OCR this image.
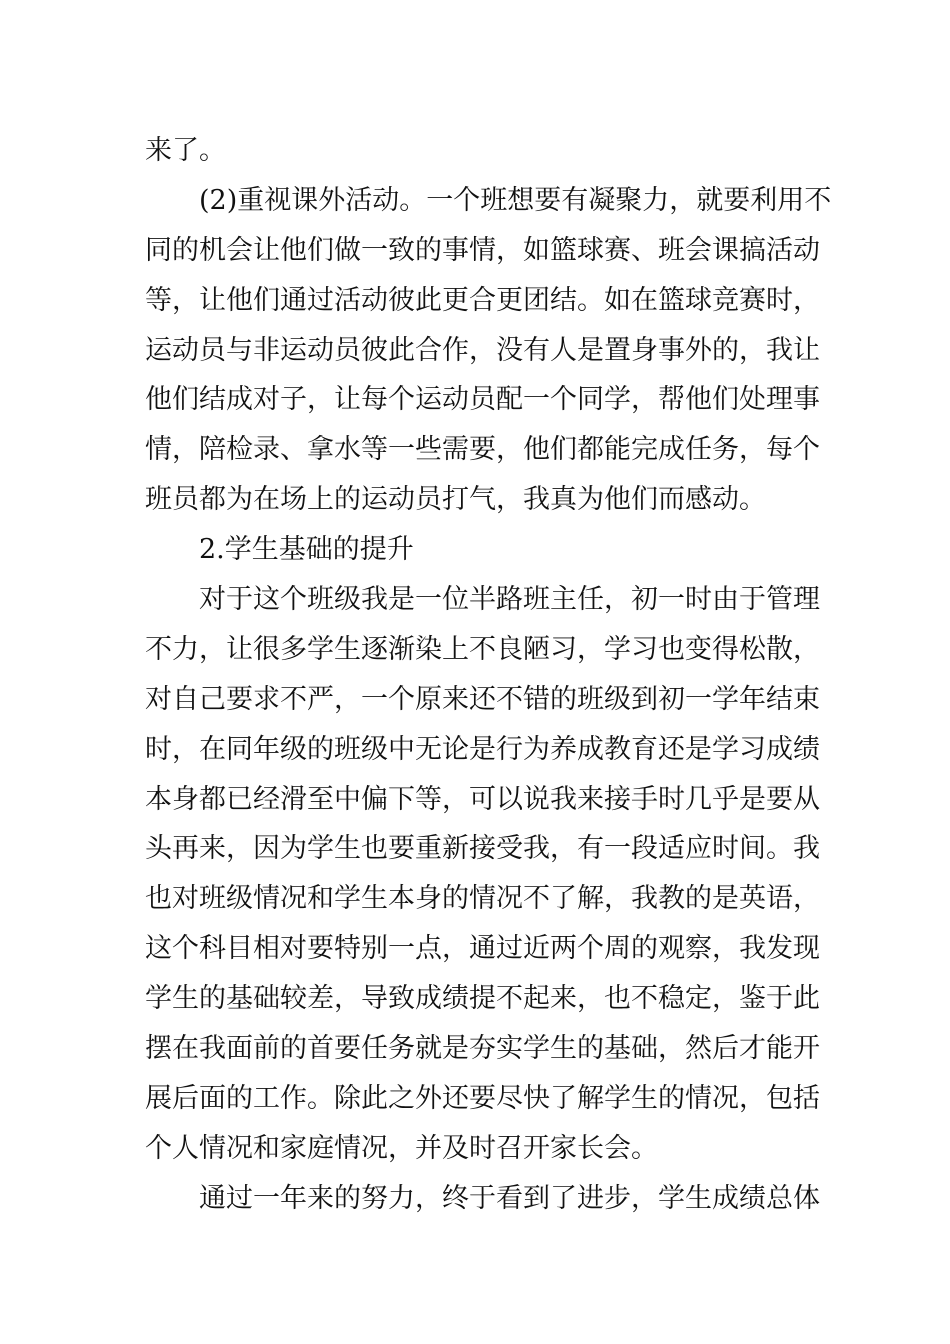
来了。
(2)重视课外活动。一个班想要有凝聚力，就要利用不
同的机会让他们做一致的事情，如篮球赛、班会课搞活动
等，让他们通过活动彼此更合更团结。如在篮球竞赛时，
运动员与非运动员彼此合作，没有人是置身事外的，我让
他们结成对子，让每个运动员配一个同学，帮他们处理事
情，陪检录、拿水等一些需要，他们都能完成任务，每个
班员都为在场上的运动员打气，我真为他们而感动。
2.学生基础的提升
对于这个班级我是一位半路班主任，初一时由于管理
不力，让很多学生逐渐染上不良陋习，学习也变得松散，
对自己要求不严，一个原来还不错的班级到初一学年结束
时，在同年级的班级中无论是行为养成教育还是学习成绩
本身都已经滑至中偏下等，可以说我来接手时几乎是要从
头再来，因为学生也要重新接受我，有一段适应时间。我
也对班级情况和学生本身的情况不了解，我教的是英语，
这个科目相对要特别一点，通过近两个周的观察，我发现
学生的基础较差，导致成绩提不起来，也不稳定，鉴于此
摆在我面前的首要任务就是夯实学生的基础，然后才能开
展后面的工作。除此之外还要尽快了解学生的情况，包括
个人情况和家庭情况，并及时召开家长会。
通过一年来的努力，终于看到了进步，学生成绩总体
